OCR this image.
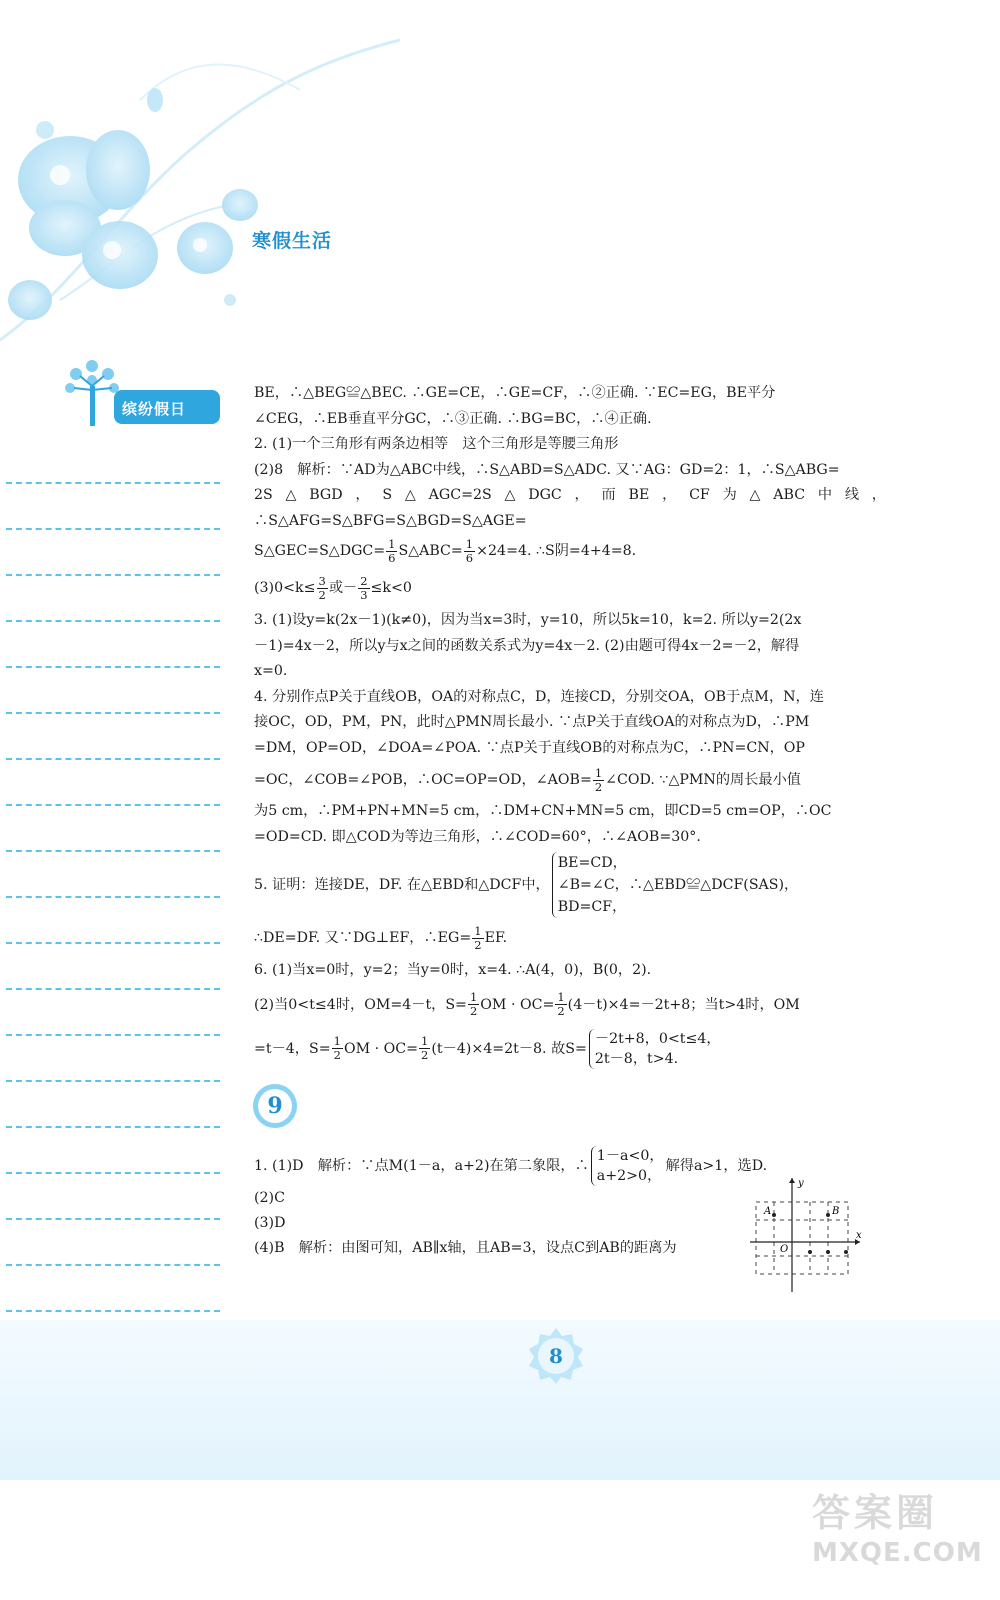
寒假生活
缤纷假日

BE，∴△BEG≌△BEC. ∴GE=CE，∴GE=CF，∴②正确. ∵EC=EG，BE平分

∠CEG，∴EB垂直平分GC，∴③正确. ∴BG=BC，∴④正确.

2. (1)一个三角形有两条边相等　这个三角形是等腰三角形

(2)8　解析：∵AD为△ABC中线，∴S△ABD=S△ADC. 又∵AG：GD=2：1，∴S△ABG=

2S△BGD，S△AGC=2S△DGC，而BE，CF为△ABC中线，∴S△AFG=S△BFG=S△BGD=S△AGE=

S△GEC=S△DGC= $\frac{1}{6}$ S△ABC= $\frac{1}{6} \times 24=4$. ∴S阴=4+4=8.

$(3)0<k\le \frac{3}{2}$ 或－ $\frac{2}{3} \le k<0$

3. (1)设y=k(2x－1)(k≠0)，因为当x=3时，y=10，所以5k=10，k=2. 所以y=2(2x

－1)=4x－2，所以y与x之间的函数关系式为y=4x－2. (2)由题可得4x－2=－2，解得

x=0.

4. 分别作点P关于直线OB，OA的对称点C，D，连接CD，分别交OA，OB于点M，N，连

接OC，OD，PM，PN，此时△PMN周长最小. ∵点P关于直线OA的对称点为D，∴PM

=DM，OP=OD，∠DOA=∠POA. ∵点P关于直线OB的对称点为C，∴PN=CN，OP

=OC，∠COB=∠POB，∴OC=OP=OD，∠AOB= $\frac{1}{2}$ ∠COD. ∵△PMN的周长最小值

为5 cm，∴PM+PN+MN=5 cm，∴DM+CN+MN=5 cm，即CD=5 cm=OP，∴OC

=OD=CD. 即△COD为等边三角形，∴∠COD=60°，∴∠AOB=30°.

5. 证明：连接DE，DF. 在△EBD和△DCF中，
BE=CD，
∠B=∠C，∴△EBD≌△DCF(SAS)，
BD=CF，

∴DE=DF. 又∵DG⊥EF，∴EG= $\frac{1}{2}$ EF.

6. (1)当x=0时，y=2；当y=0时，x=4. ∴A(4，0)，B(0，2).

(2)当0<t≤4时，OM=4－t，$S= \frac{1}{2}$ OM · $OC= \frac{1}{2} (4-t)\times 4=-2t+8$；当t>4时，OM

=t－4，$S= \frac{1}{2}$ OM · $OC= \frac{1}{2} (t-4)\times 4=2t-8$. 故S=
－2t+8，0<t≤4，
2t－8，t>4.

9

1. (1)D　解析：∵点M(1－a，a+2)在第二象限，∴
1－a<0，
a+2>0，
解得a>1，选D.

(2)C

(3)D

(4)B　解析：由图可知，AB∥x轴，且AB=3，设点C到AB的距离为

y
x
O
A	B
8
答案圈
MXQE.COM
